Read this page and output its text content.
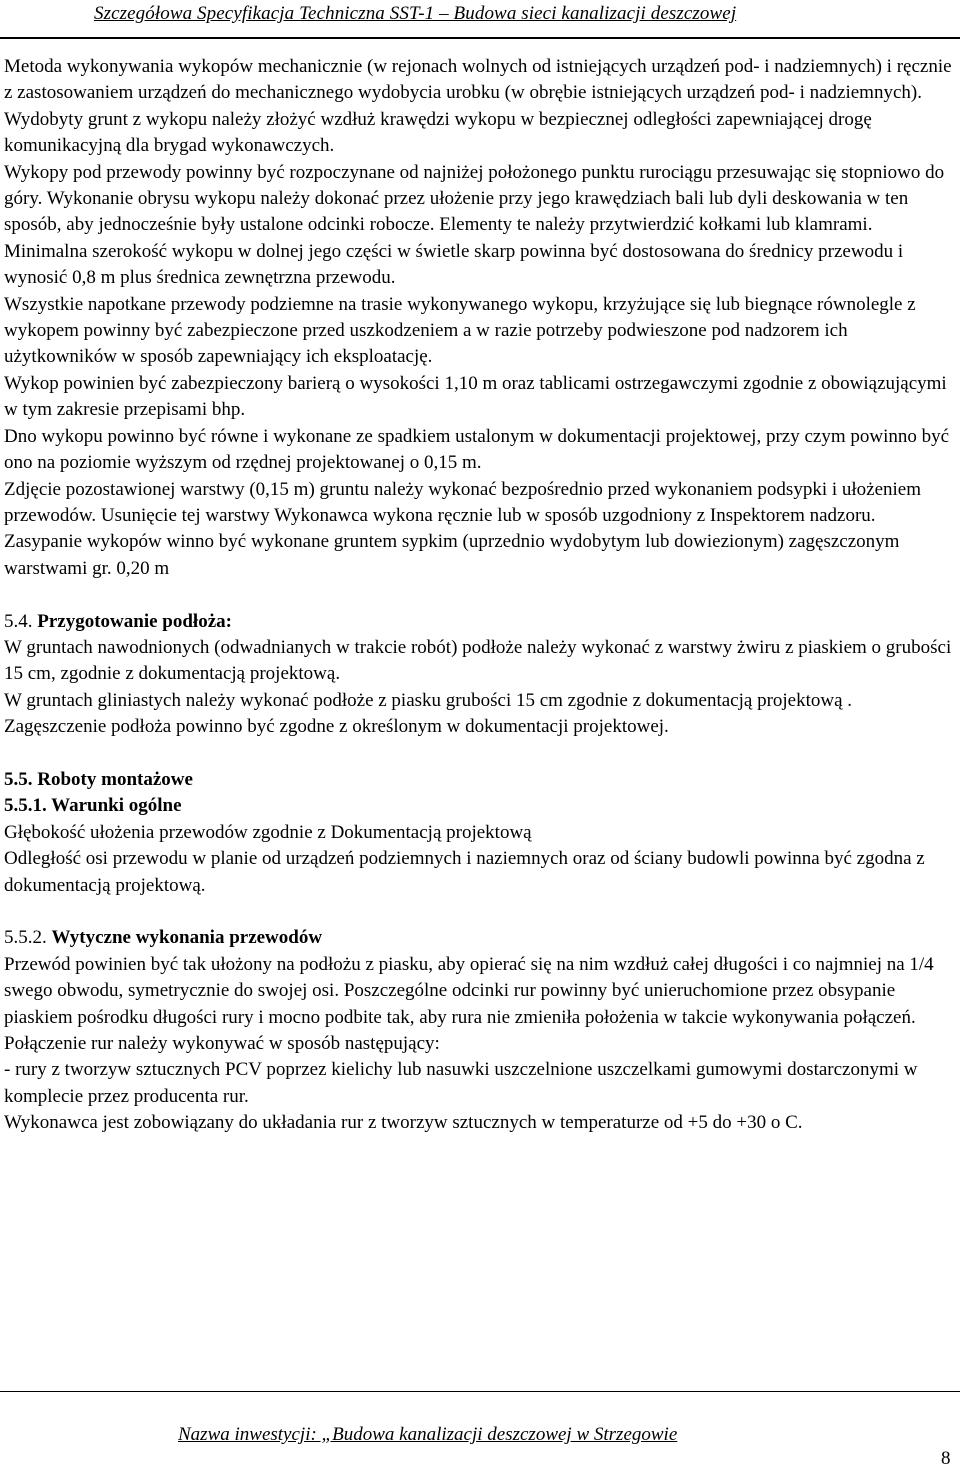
Szczegółowa Specyfikacja Techniczna SST-1 – Budowa sieci kanalizacji deszczowej

Metoda wykonywania wykopów mechanicznie (w rejonach wolnych od istniejących urządzeń pod- i nadziemnych) i ręcznie z zastosowaniem urządzeń do mechanicznego wydobycia urobku (w obrębie istniejących urządzeń pod- i nadziemnych).

Wydobyty grunt z wykopu należy złożyć wzdłuż krawędzi wykopu w bezpiecznej odległości zapewniającej drogę komunikacyjną dla brygad wykonawczych.

Wykopy pod przewody powinny być rozpoczynane od najniżej położonego punktu rurociągu przesuwając się stopniowo do góry. Wykonanie obrysu wykopu należy dokonać przez ułożenie przy jego krawędziach bali lub dyli deskowania w ten sposób, aby jednocześnie były ustalone odcinki robocze. Elementy te należy przytwierdzić kołkami lub klamrami.

Minimalna szerokość wykopu w dolnej jego części w świetle skarp powinna być dostosowana do średnicy przewodu i wynosić 0,8 m plus średnica zewnętrzna przewodu.

Wszystkie napotkane przewody podziemne na trasie wykonywanego wykopu, krzyżujące się lub biegnące równolegle z wykopem powinny być zabezpieczone przed uszkodzeniem a w razie potrzeby podwieszone pod nadzorem ich użytkowników w sposób zapewniający ich eksploatację.

Wykop powinien być zabezpieczony barierą o wysokości 1,10 m oraz tablicami ostrzegawczymi zgodnie z obowiązującymi w tym zakresie przepisami bhp.

Dno wykopu powinno być równe i wykonane ze spadkiem ustalonym w dokumentacji projektowej, przy czym powinno być ono na poziomie wyższym od rzędnej projektowanej o 0,15 m.

Zdjęcie pozostawionej warstwy (0,15 m) gruntu należy wykonać bezpośrednio przed wykonaniem podsypki i ułożeniem przewodów. Usunięcie tej warstwy Wykonawca wykona ręcznie lub w sposób uzgodniony z Inspektorem nadzoru.

Zasypanie wykopów winno być wykonane gruntem sypkim (uprzednio wydobytym lub dowiezionym) zagęszczonym warstwami gr. 0,20 m

5.4. Przygotowanie podłoża:

W gruntach nawodnionych (odwadnianych w trakcie robót) podłoże należy wykonać z warstwy żwiru z piaskiem o grubości 15 cm, zgodnie z dokumentacją projektową.

W gruntach gliniastych należy wykonać podłoże z piasku grubości 15 cm zgodnie z dokumentacją projektową .

Zagęszczenie podłoża powinno być zgodne z określonym w dokumentacji projektowej.

5.5. Roboty montażowe

5.5.1. Warunki ogólne

Głębokość ułożenia przewodów zgodnie z Dokumentacją projektową

Odległość osi przewodu w planie od urządzeń podziemnych i naziemnych oraz od ściany budowli powinna być zgodna z dokumentacją projektową.

5.5.2. Wytyczne wykonania przewodów

Przewód powinien być tak ułożony na podłożu z piasku, aby opierać się na nim wzdłuż całej długości i co najmniej na 1/4 swego obwodu, symetrycznie do swojej osi. Poszczególne odcinki rur powinny być unieruchomione przez obsypanie piaskiem pośrodku długości rury i mocno podbite tak, aby rura nie zmieniła położenia w takcie wykonywania połączeń.

Połączenie rur należy wykonywać w sposób następujący:

- rury z tworzyw sztucznych PCV poprzez kielichy lub nasuwki uszczelnione uszczelkami gumowymi dostarczonymi w komplecie przez producenta rur.

Wykonawca jest zobowiązany do układania rur z tworzyw sztucznych w temperaturze od +5 do +30 o C.

Nazwa inwestycji: „Budowa kanalizacji deszczowej w Strzegowie
8
